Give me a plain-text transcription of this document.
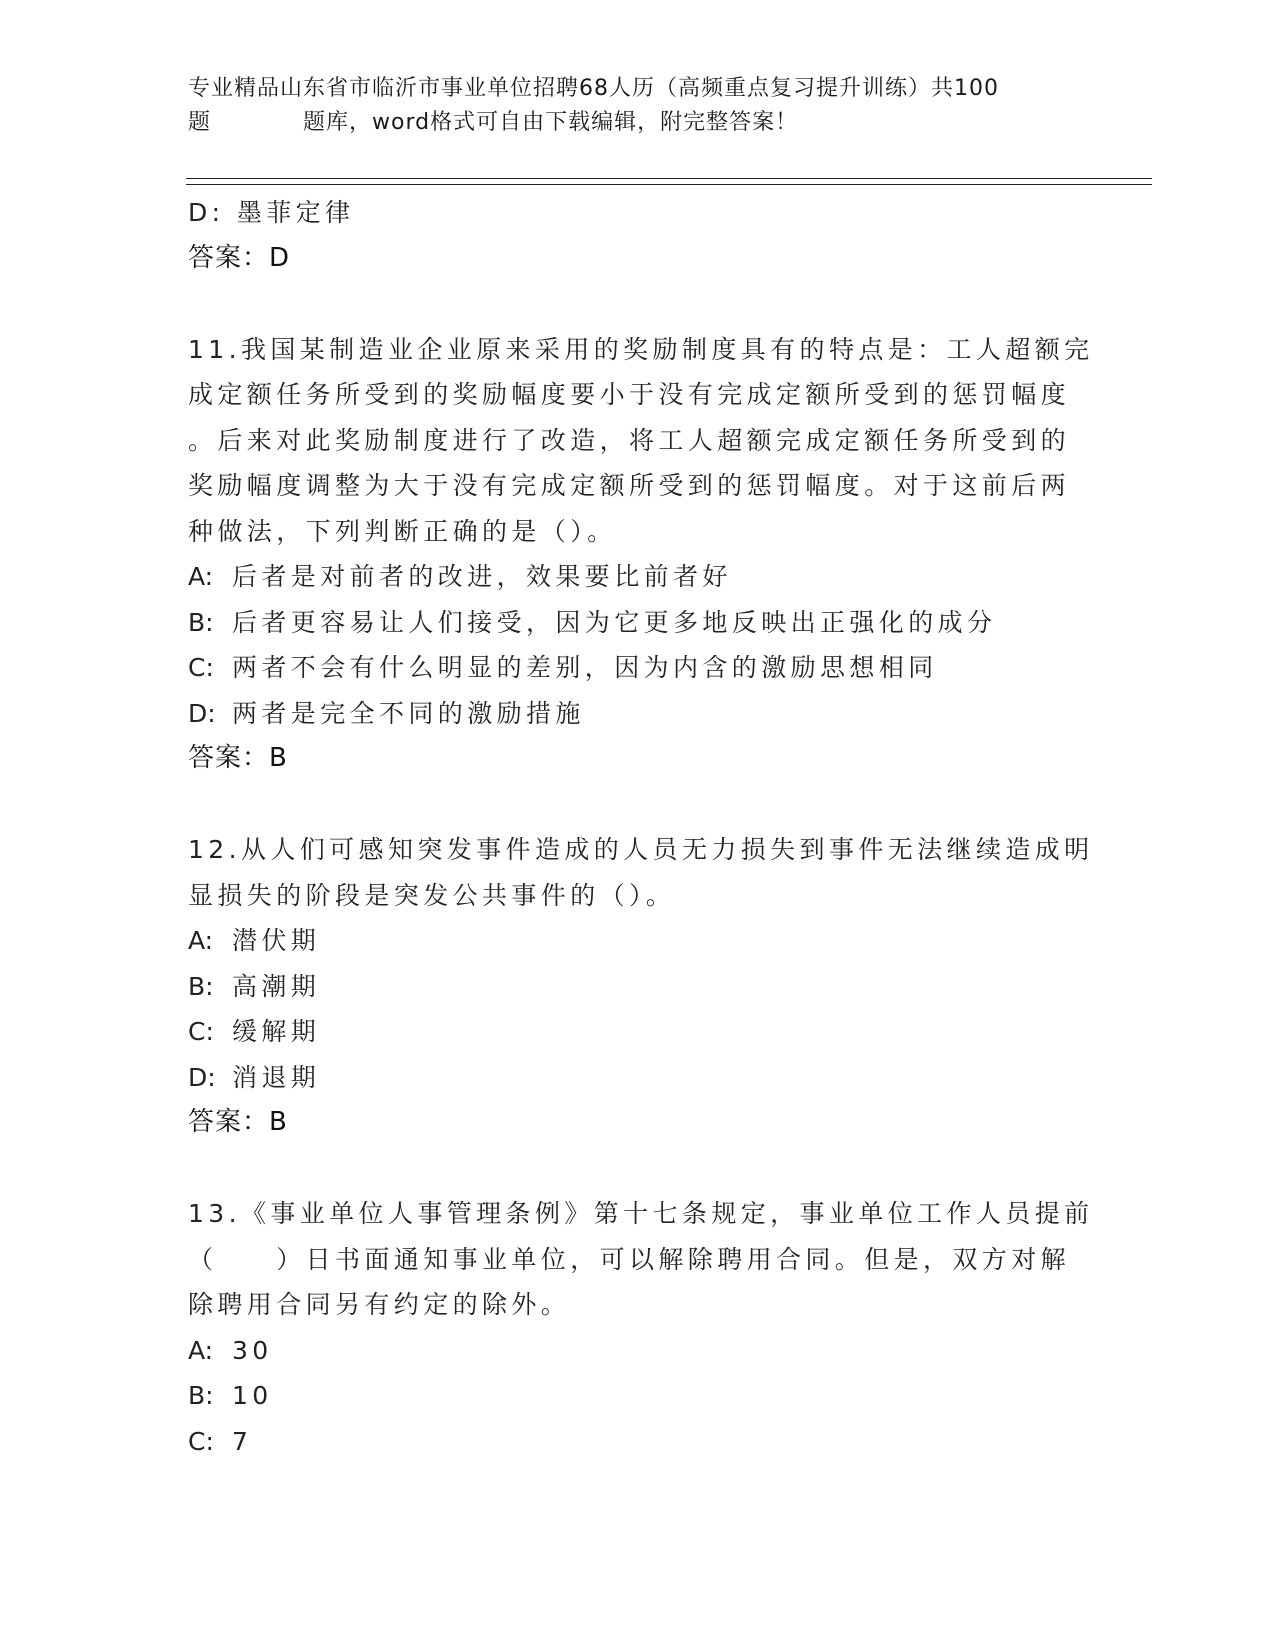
专业精品山东省市临沂市事业单位招聘68人历（高频重点复习提升训练）共100
题	题库，word格式可自由下载编辑，附完整答案！
D: 墨菲定律
答案：D
11.我国某制造业企业原来采用的奖励制度具有的特点是：工人超额完
成定额任务所受到的奖励幅度要小于没有完成定额所受到的惩罚幅度
。后来对此奖励制度进行了改造，将工人超额完成定额任务所受到的
奖励幅度调整为大于没有完成定额所受到的惩罚幅度。对于这前后两
种做法，下列判断正确的是（）。
A: 后者是对前者的改进，效果要比前者好
B: 后者更容易让人们接受，因为它更多地反映出正强化的成分
C: 两者不会有什么明显的差别，因为内含的激励思想相同
D: 两者是完全不同的激励措施
答案：B
12.从人们可感知突发事件造成的人员无力损失到事件无法继续造成明
显损失的阶段是突发公共事件的（）。
A: 潜伏期
B: 高潮期
C: 缓解期
D: 消退期
答案：B
13.《事业单位人事管理条例》第十七条规定，事业单位工作人员提前
（　　）日书面通知事业单位，可以解除聘用合同。但是，双方对解
除聘用合同另有约定的除外。
A: 30
B: 10
C: 7
